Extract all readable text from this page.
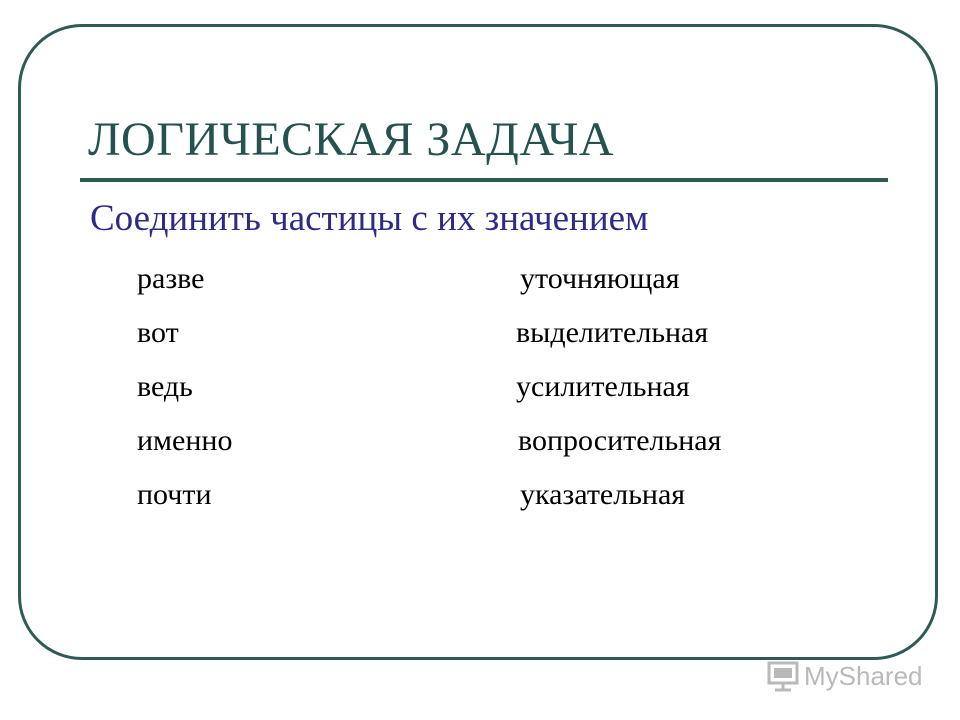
ЛОГИЧЕСКАЯ ЗАДАЧА
Соединить частицы с их значением
разве
вот
ведь
именно
почти
уточняющая
выделительная
усилительная
вопросительная
указательная
MyShared
